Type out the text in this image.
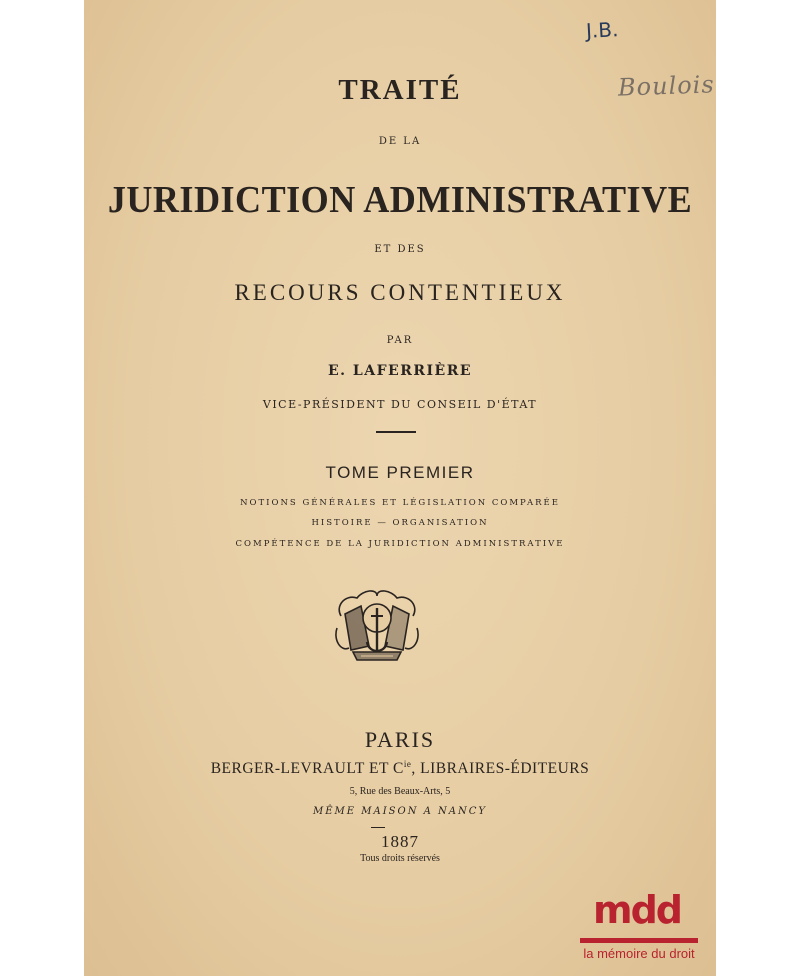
J.B.
Boulois
TRAITÉ
DE LA
JURIDICTION ADMINISTRATIVE
ET DES
RECOURS CONTENTIEUX
PAR
E. LAFERRIÈRE
VICE-PRÉSIDENT DU CONSEIL D'ÉTAT
TOME PREMIER
NOTIONS GÉNÉRALES ET LÉGISLATION COMPARÉE
HISTOIRE — ORGANISATION
COMPÉTENCE DE LA JURIDICTION ADMINISTRATIVE
PARIS
BERGER-LEVRAULT ET $C^{ie}$, LIBRAIRES-ÉDITEURS
5, Rue des Beaux-Arts, 5
MÊME MAISON A NANCY
1887
Tous droits réservés
mdd
la mémoire du droit
